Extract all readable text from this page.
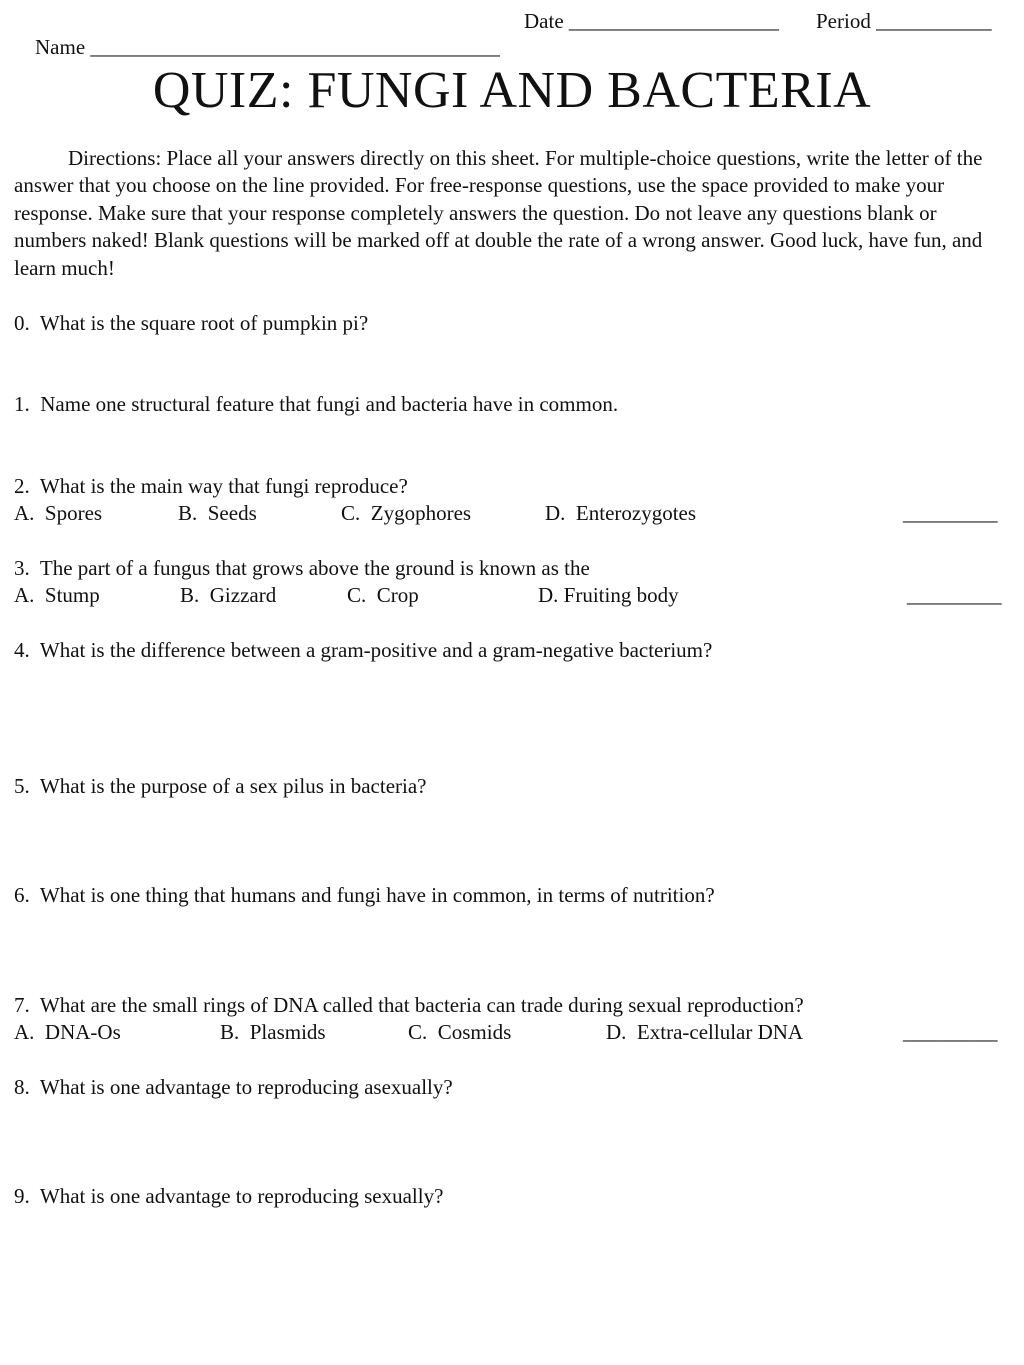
Name _______________________________________

Date ____________________

Period ___________

QUIZ: FUNGI AND BACTERIA
Directions: Place all your answers directly on this sheet. For multiple-choice questions, write the letter of the answer that you choose on the line provided. For free-response questions, use the space provided to make your response. Make sure that your response completely answers the question. Do not leave any questions blank or numbers naked! Blank questions will be marked off at double the rate of a wrong answer. Good luck, have fun, and learn much!
0.  What is the square root of pumpkin pi?
1.  Name one structural feature that fungi and bacteria have in common.
2.  What is the main way that fungi reproduce?
A.  Spores	B.  Seeds	C.  Zygophores	D.  Enterozygotes	_________
3.  The part of a fungus that grows above the ground is known as the
A.  Stump	B.  Gizzard	C.  Crop	D. Fruiting body	_________
4.  What is the difference between a gram-positive and a gram-negative bacterium?
5.  What is the purpose of a sex pilus in bacteria?
6.  What is one thing that humans and fungi have in common, in terms of nutrition?
7.  What are the small rings of DNA called that bacteria can trade during sexual reproduction?
A.  DNA-Os	B.  Plasmids	C.  Cosmids	D.  Extra-cellular DNA	_________
8.  What is one advantage to reproducing asexually?
9.  What is one advantage to reproducing sexually?
